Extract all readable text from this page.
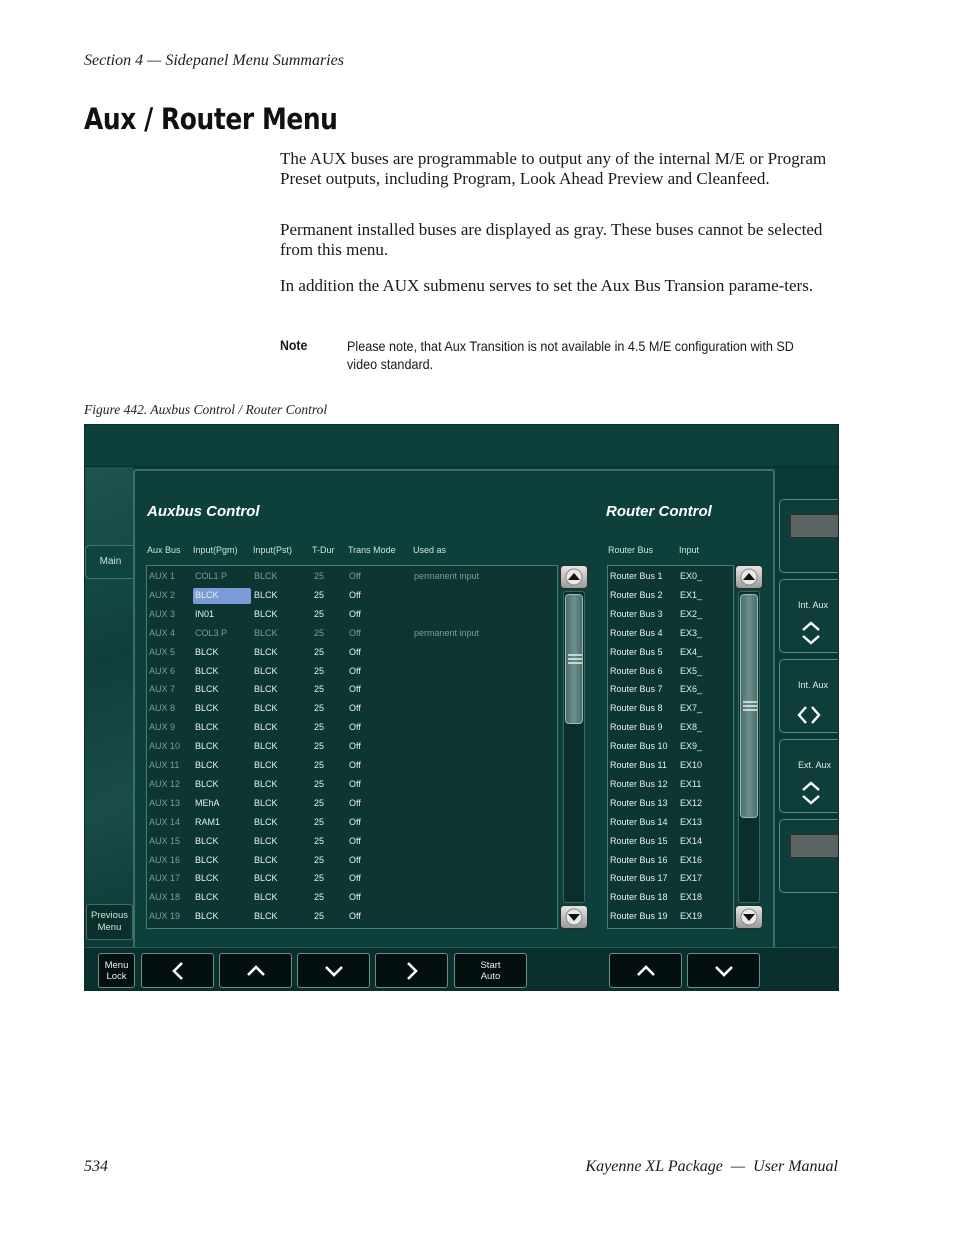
Section 4 — Sidepanel Menu Summaries
Aux / Router Menu

The AUX buses are programmable to output any of the internal M/E or Program Preset outputs, including Program, Look Ahead Preview and Cleanfeed.

Permanent installed buses are displayed as gray. These buses cannot be selected from this menu.

In addition the AUX submenu serves to set the Aux Bus Transion parame-ters.

Note	Please note, that Aux Transition is not available in 4.5 M/E configuration with SD video standard.
Figure 442. Auxbus Control / Router Control
Main
Previous Menu
Auxbus Control	Router Control
Aux Bus Input(Pgm) Input(Pst) T-Dur Trans Mode Used as	Router Bus	Input
AUX 1 COL1 P	BLCK	25	Off	permanent input
AUX 2 BLCK	BLCK	25	Off
AUX 3 IN01	BLCK	25	Off
AUX 4 COL3 P	BLCK	25	Off	permanent input
AUX 5 BLCK	BLCK	25	Off
AUX 6 BLCK	BLCK	25	Off
AUX 7 BLCK	BLCK	25	Off
AUX 8 BLCK	BLCK	25	Off
AUX 9 BLCK	BLCK	25	Off
AUX 10 BLCK	BLCK	25	Off
AUX 11 BLCK	BLCK	25	Off
AUX 12 BLCK	BLCK	25	Off
AUX 13 MEhA	BLCK	25	Off
AUX 14 RAM1	BLCK	25	Off
AUX 15 BLCK	BLCK	25	Off
AUX 16 BLCK	BLCK	25	Off
AUX 17 BLCK	BLCK	25	Off
AUX 18 BLCK	BLCK	25	Off
AUX 19 BLCK	BLCK	25	Off
Router Bus 1 EX0_
Router Bus 2 EX1_
Router Bus 3 EX2_
Router Bus 4 EX3_
Router Bus 5 EX4_
Router Bus 6 EX5_
Router Bus 7 EX6_
Router Bus 8 EX7_
Router Bus 9 EX8_
Router Bus 10 EX9_
Router Bus 11 EX10
Router Bus 12 EX11
Router Bus 13 EX12
Router Bus 14 EX13
Router Bus 15 EX14
Router Bus 16 EX16
Router Bus 17 EX17
Router Bus 18 EX18
Router Bus 19 EX19
Int. Aux
Int. Aux
Ext. Aux
Menu Lock
Start Auto
534	Kayenne XL Package  —  User Manual
